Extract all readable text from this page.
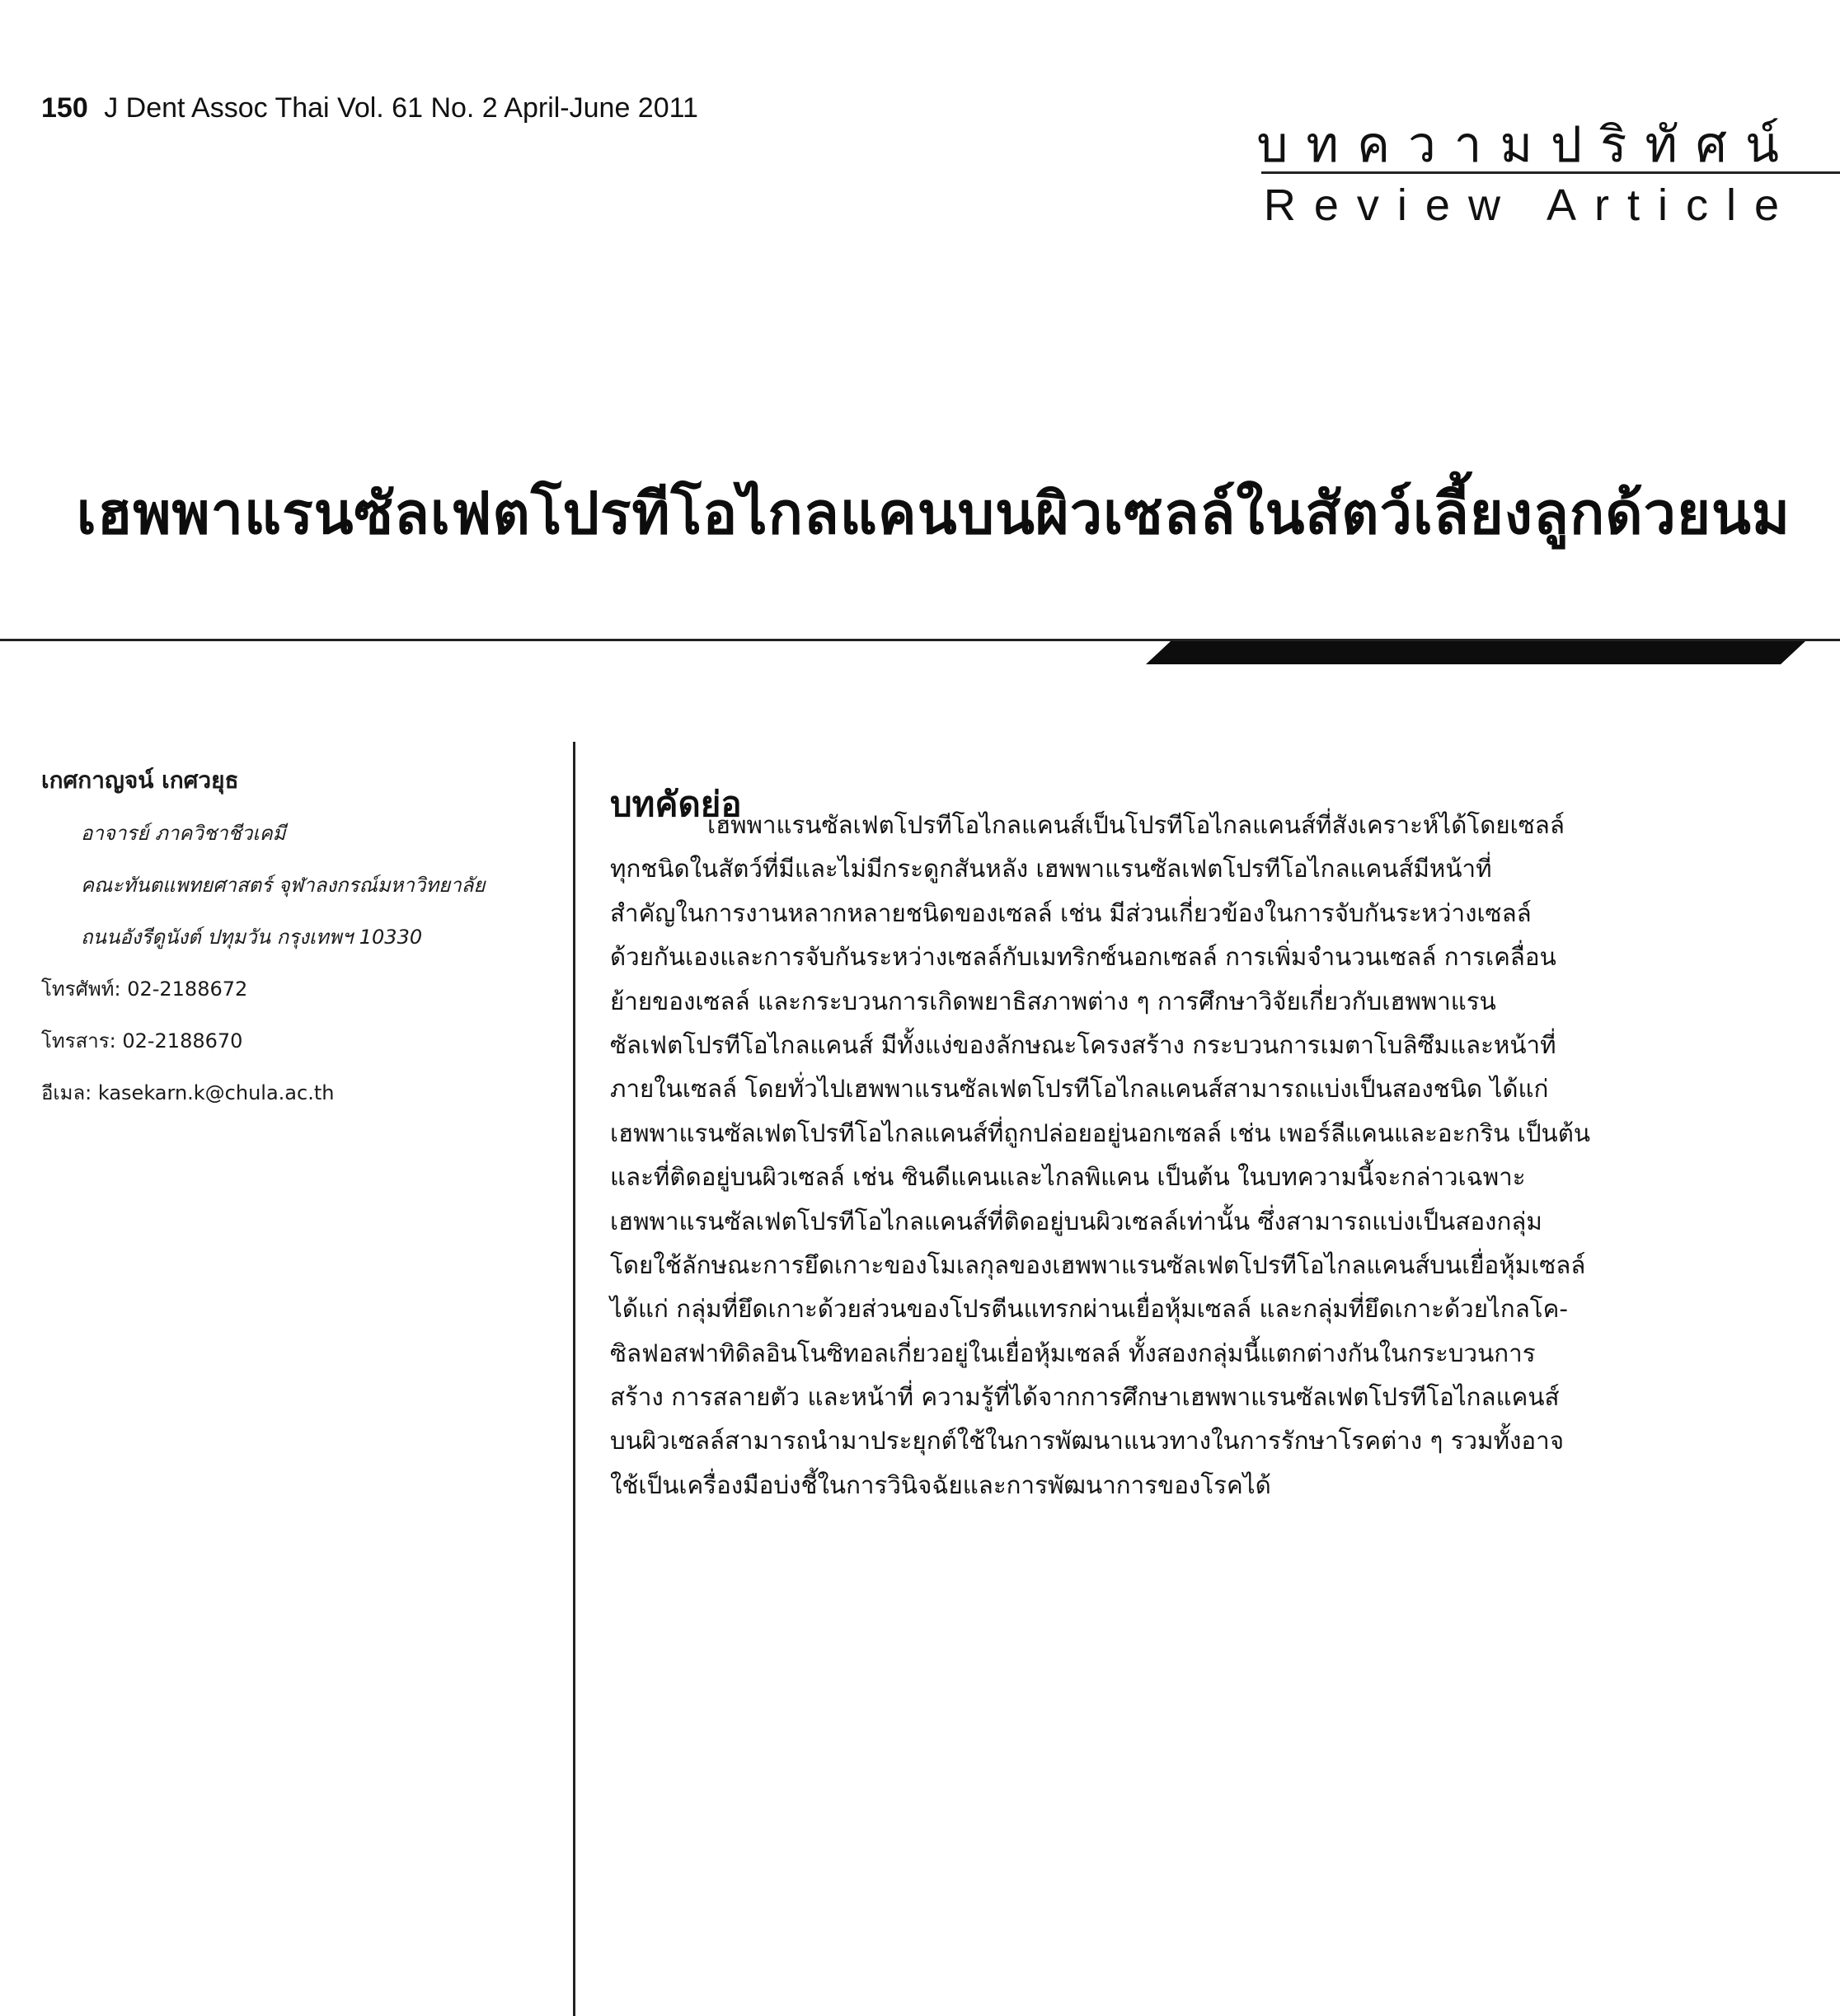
150 J Dent Assoc Thai Vol. 61 No. 2 April-June 2011
บทความปริทัศน์
Review Article
เฮพพาแรนซัลเฟตโปรทีโอไกลแคนบนผิวเซลล์ในสัตว์เลี้ยงลูกด้วยนม
เกศกาญจน์ เกศวยุธ
อาจารย์ ภาควิชาชีวเคมี
คณะทันตแพทยศาสตร์ จุฬาลงกรณ์มหาวิทยาลัย
ถนนอังรีดูนังต์ ปทุมวัน กรุงเทพฯ 10330
โทรศัพท์: 02-2188672
โทรสาร: 02-2188670
อีเมล: kasekarn.k@chula.ac.th
บทคัดย่อ
เฮพพาแรนซัลเฟตโปรทีโอไกลแคนส์เป็นโปรทีโอไกลแคนส์ที่สังเคราะห์ได้โดยเซลล์
ทุกชนิดในสัตว์ที่มีและไม่มีกระดูกสันหลัง เฮพพาแรนซัลเฟตโปรทีโอไกลแคนส์มีหน้าที่
สำคัญในการงานหลากหลายชนิดของเซลล์ เช่น มีส่วนเกี่ยวข้องในการจับกันระหว่างเซลล์
ด้วยกันเองและการจับกันระหว่างเซลล์กับเมทริกซ์นอกเซลล์ การเพิ่มจำนวนเซลล์ การเคลื่อน
ย้ายของเซลล์ และกระบวนการเกิดพยาธิสภาพต่าง ๆ การศึกษาวิจัยเกี่ยวกับเฮพพาแรน
ซัลเฟตโปรทีโอไกลแคนส์ มีทั้งแง่ของลักษณะโครงสร้าง กระบวนการเมตาโบลิซึมและหน้าที่
ภายในเซลล์ โดยทั่วไปเฮพพาแรนซัลเฟตโปรทีโอไกลแคนส์สามารถแบ่งเป็นสองชนิด ได้แก่
เฮพพาแรนซัลเฟตโปรทีโอไกลแคนส์ที่ถูกปล่อยอยู่นอกเซลล์ เช่น เพอร์ลีแคนและอะกริน เป็นต้น
และที่ติดอยู่บนผิวเซลล์ เช่น ซินดีแคนและไกลพิแคน เป็นต้น ในบทความนี้จะกล่าวเฉพาะ
เฮพพาแรนซัลเฟตโปรทีโอไกลแคนส์ที่ติดอยู่บนผิวเซลล์เท่านั้น ซึ่งสามารถแบ่งเป็นสองกลุ่ม
โดยใช้ลักษณะการยึดเกาะของโมเลกุลของเฮพพาแรนซัลเฟตโปรทีโอไกลแคนส์บนเยื่อหุ้มเซลล์
ได้แก่ กลุ่มที่ยึดเกาะด้วยส่วนของโปรตีนแทรกผ่านเยื่อหุ้มเซลล์ และกลุ่มที่ยึดเกาะด้วยไกลโค-
ซิลฟอสฟาทิดิลอินโนซิทอลเกี่ยวอยู่ในเยื่อหุ้มเซลล์ ทั้งสองกลุ่มนี้แตกต่างกันในกระบวนการ
สร้าง การสลายตัว และหน้าที่ ความรู้ที่ได้จากการศึกษาเฮพพาแรนซัลเฟตโปรทีโอไกลแคนส์
บนผิวเซลล์สามารถนำมาประยุกต์ใช้ในการพัฒนาแนวทางในการรักษาโรคต่าง ๆ รวมทั้งอาจ
ใช้เป็นเครื่องมือบ่งชี้ในการวินิจฉัยและการพัฒนาการของโรคได้
